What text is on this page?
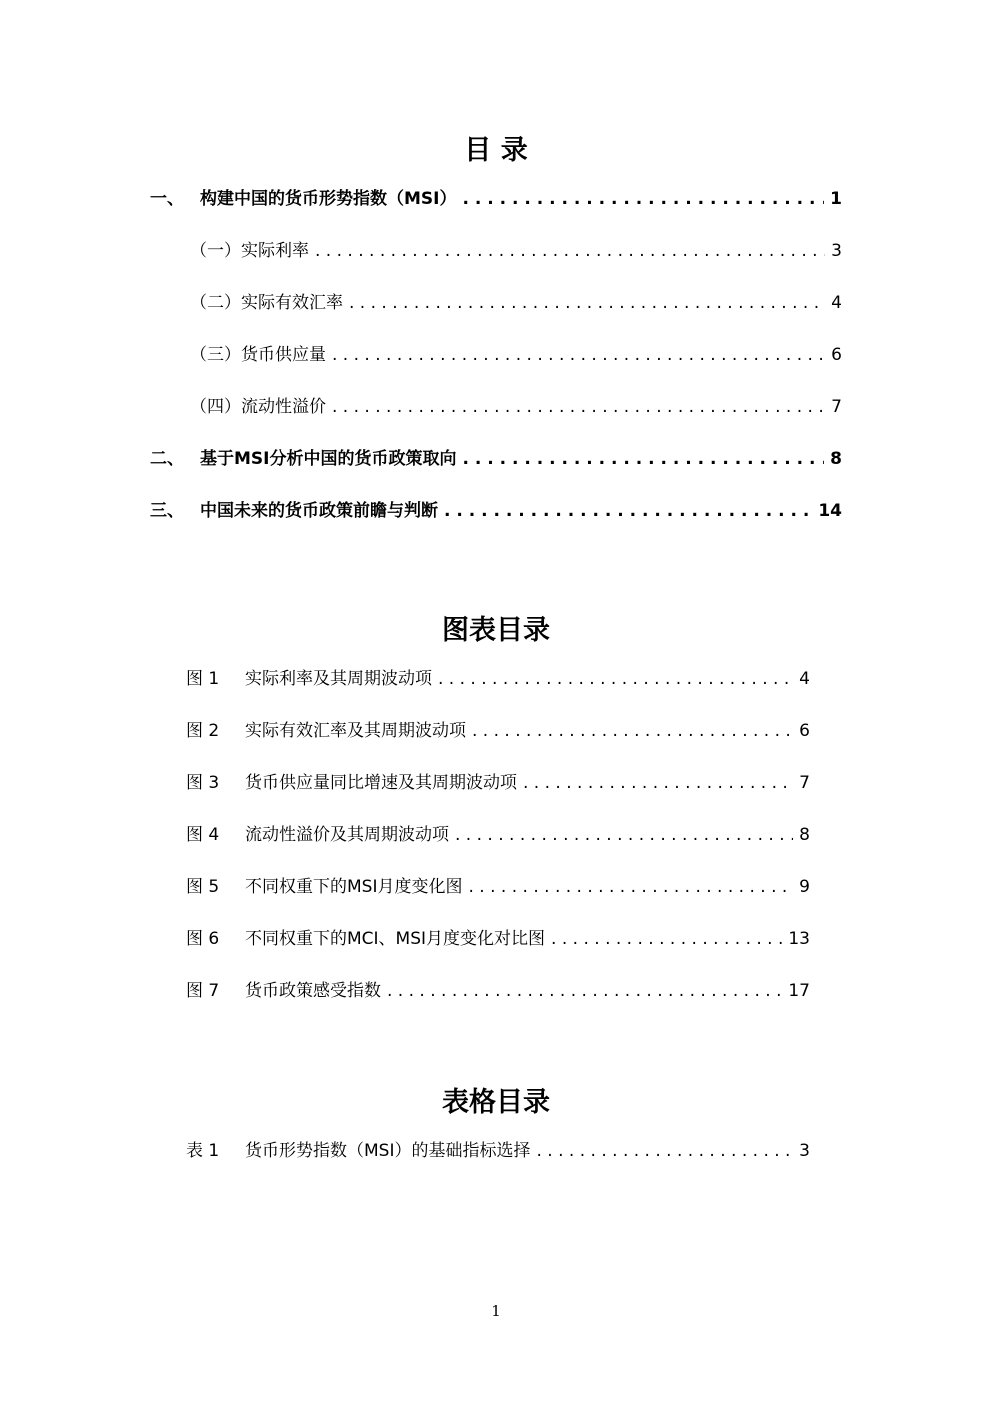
目 录
一、 构建中国的货币形势指数（MSI） . . .	1
（一）实际利率 . . .	3
（二）实际有效汇率 . . .	4
（三）货币供应量 . . .	6
（四）流动性溢价 . . .	7
二、 基于MSI分析中国的货币政策取向 . . .	8
三、 中国未来的货币政策前瞻与判断 . . .	14
图表目录
图 1	实际利率及其周期波动项 . . .	4
图 2	实际有效汇率及其周期波动项 . . .	6
图 3	货币供应量同比增速及其周期波动项 . . .	7
图 4	流动性溢价及其周期波动项 . . .	8
图 5	不同权重下的MSI月度变化图 . . .	9
图 6	不同权重下的MCI、MSI月度变化对比图 . . .	13
图 7	货币政策感受指数 . . .	17
表格目录
表 1	货币形势指数（MSI）的基础指标选择 . . .	3
1
